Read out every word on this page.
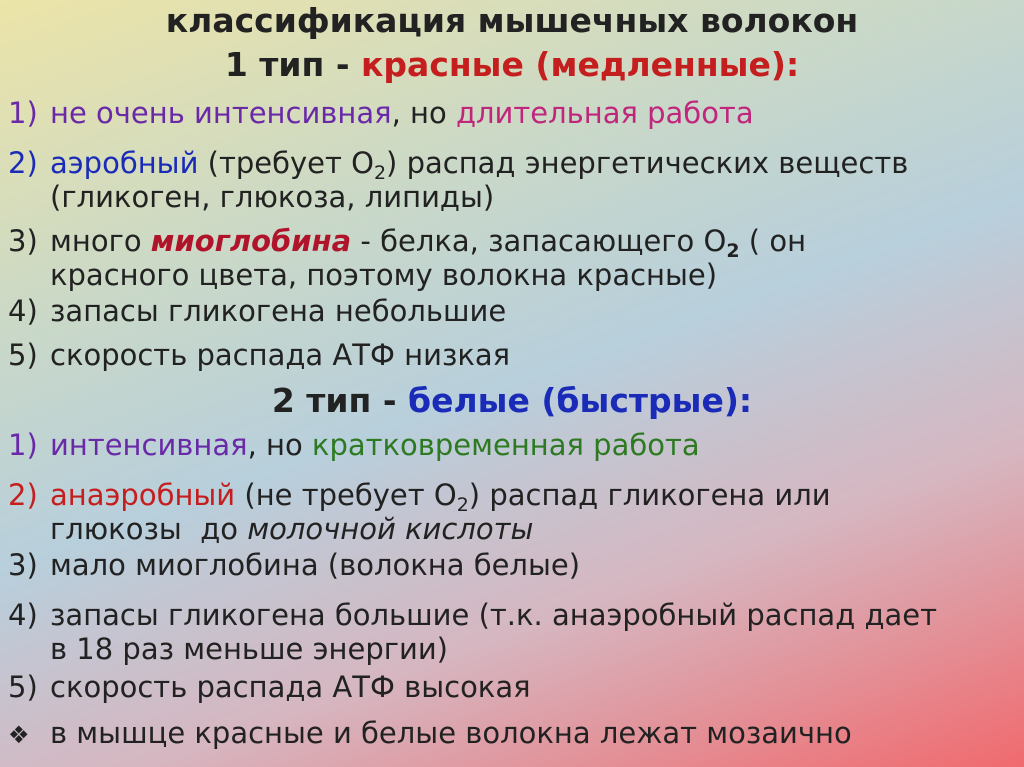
классификация мышечных волокон
1 тип - красные (медленные):
1) не очень интенсивная, но длительная работа
2) аэробный (требует $О_2$) распад энергетических веществ
(гликоген, глюкоза, липиды)
3) много миоглобина - белка, запасающего $О_2$ ( он
красного цвета, поэтому волокна красные)
4) запасы гликогена небольшие
5) скорость распада АТФ низкая
2 тип - белые (быстрые):
1) интенсивная, но кратковременная работа
2) анаэробный (не требует $О_2$) распад гликогена или
глюкозы  до молочной кислоты
3) мало миоглобина (волокна белые)
4) запасы гликогена большие (т.к. анаэробный распад дает
в 18 раз меньше энергии)
5) скорость распада АТФ высокая
❖ в мышце красные и белые волокна лежат мозаично
